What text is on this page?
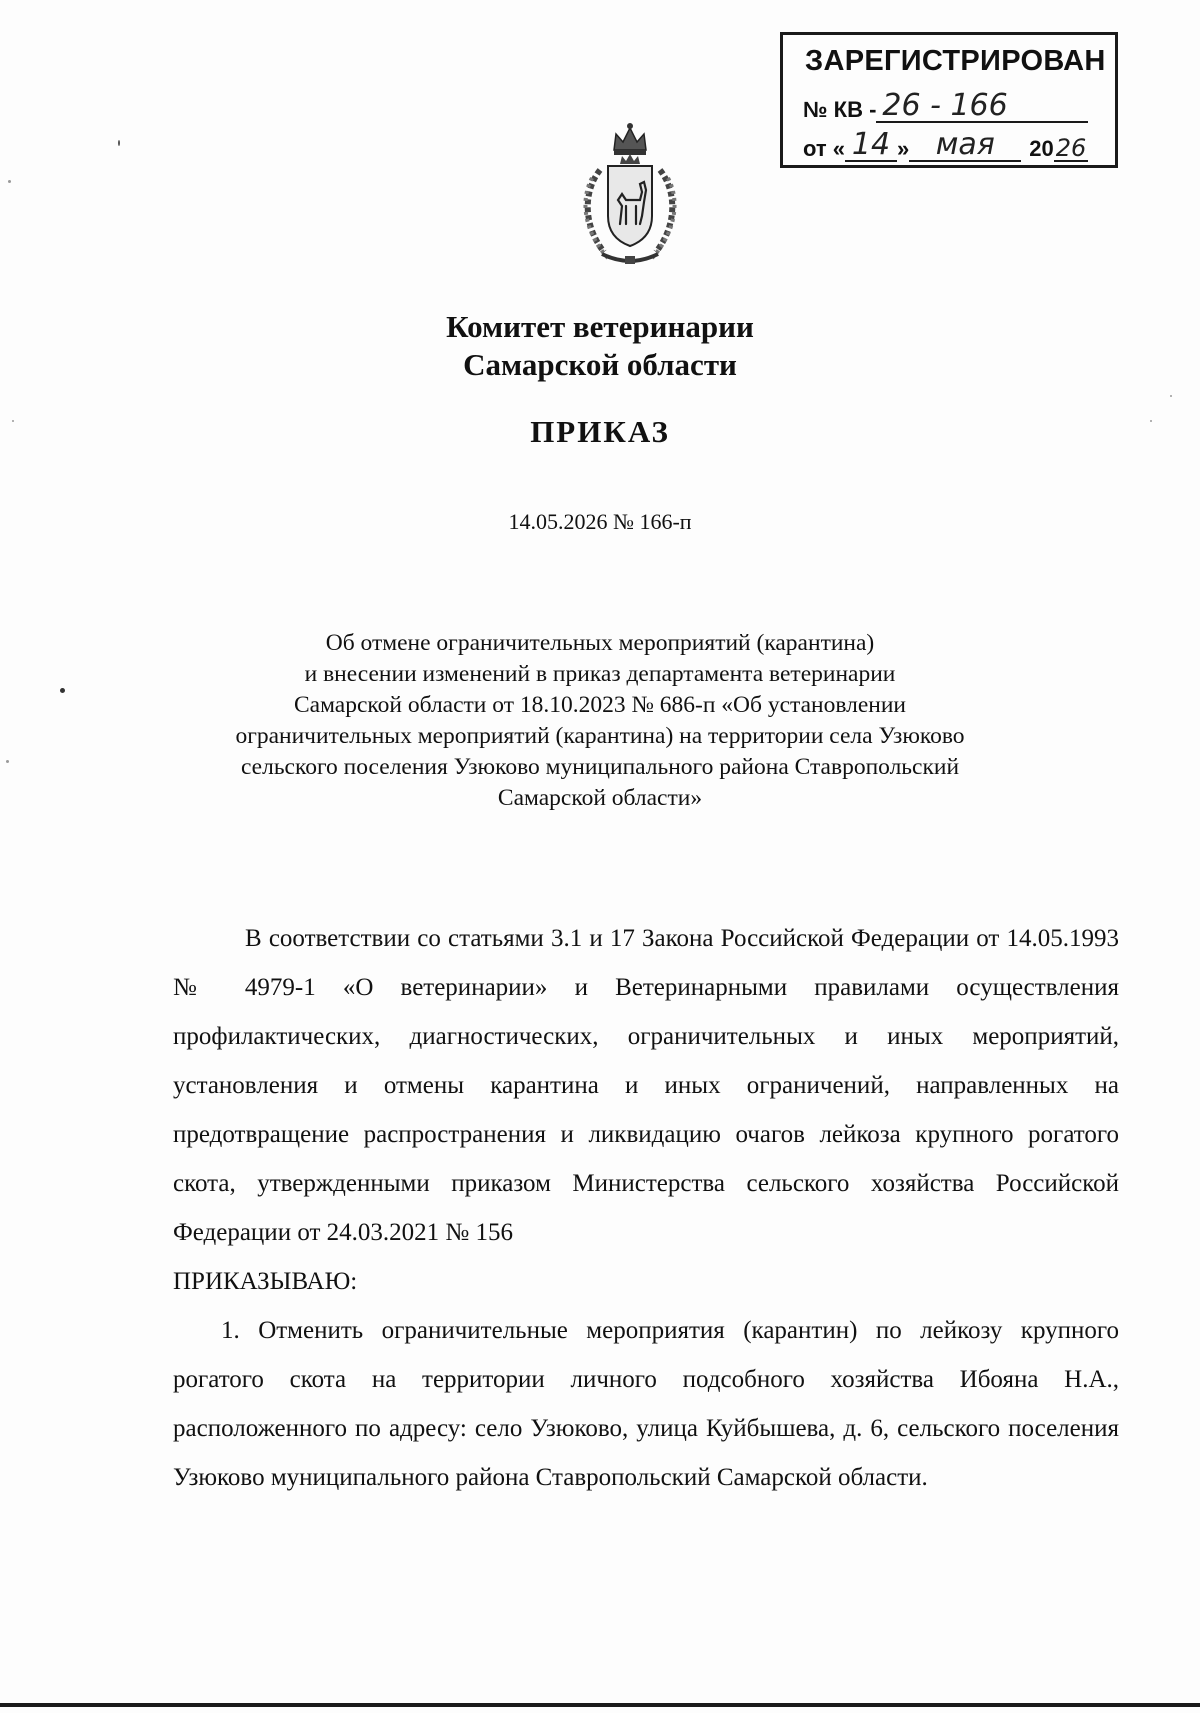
ЗАРЕГИСТРИРОВАН
№ КВ - 26 - 166
от « 14 » мая	20 26
Комитет ветеринарии
Самарской области
ПРИКАЗ
14.05.2026 № 166-п
Об отмене ограничительных мероприятий (карантина)
и внесении изменений в приказ департамента ветеринарии
Самарской области от 18.10.2023 № 686-п «Об установлении
ограничительных мероприятий (карантина) на территории села Узюково
сельского поселения Узюково муниципального района Ставропольский
Самарской области»
В соответствии со статьями 3.1 и 17 Закона Российской Федерации от 14.05.1993 № 4979-1 «О ветеринарии» и Ветеринарными правилами осуществления профилактических, диагностических, ограничительных и иных мероприятий, установления и отмены карантина и иных ограничений, направленных на предотвращение распространения и ликвидацию очагов лейкоза крупного рогатого скота, утвержденными приказом Министерства сельского хозяйства Российской Федерации от 24.03.2021 № 156
ПРИКАЗЫВАЮ:
1. Отменить ограничительные мероприятия (карантин) по лейкозу крупного рогатого скота на территории личного подсобного хозяйства Ибояна Н.А., расположенного по адресу: село Узюково, улица Куйбышева, д. 6, сельского поселения Узюково муниципального района Ставропольский Самарской области.
